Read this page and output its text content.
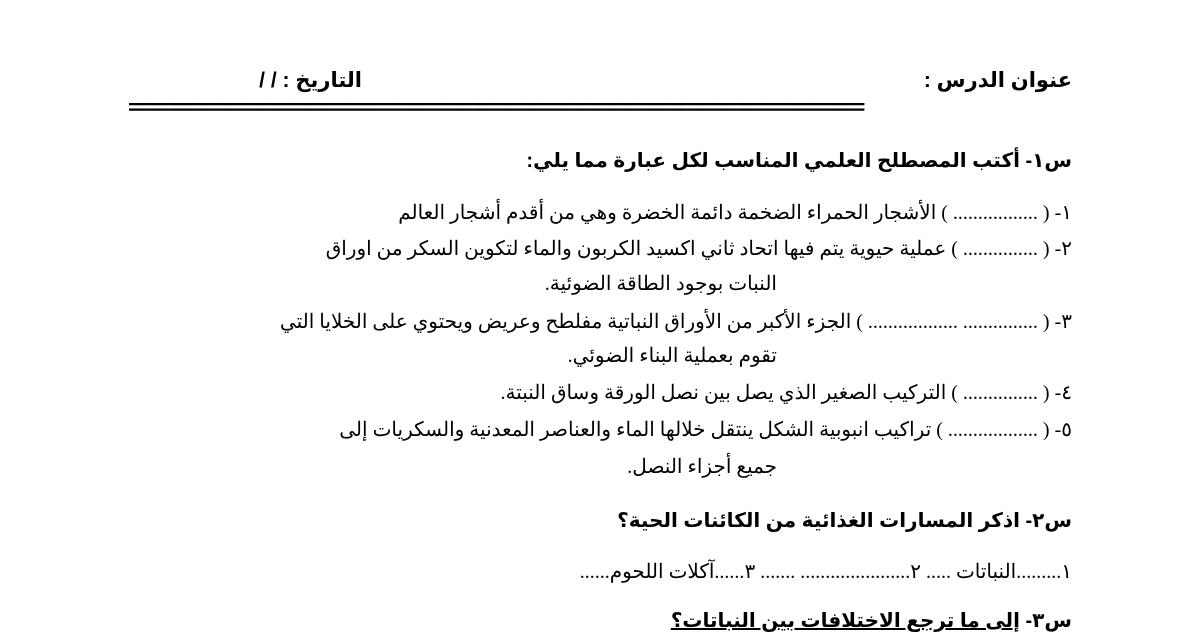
عنوان الدرس :
التاريخ : / /
===========================================================================
س١- أكتب المصطلح العلمي المناسب لكل عبارة مما يلي:
١- ( ................. ) الأشجار الحمراء الضخمة دائمة الخضرة وهي من أقدم أشجار العالم
٢- ( ............... ) عملية حيوية يتم فيها اتحاد ثاني اكسيد الكربون والماء لتكوين السكر من اوراق
النبات بوجود الطاقة الضوئية.
٣- ( ............... .................. ) الجزء الأكبر من الأوراق النباتية مفلطح وعريض ويحتوي على الخلايا التي
تقوم بعملية البناء الضوئي.
٤- ( ............... ) التركيب الصغير الذي يصل بين نصل الورقة وساق النبتة.
٥- ( .................. ) تراكيب انبوبية الشكل ينتقل خلالها الماء والعناصر المعدنية والسكريات إلى
جميع أجزاء النصل.
س٢- اذكر المسارات الغذائية من الكائنات الحية؟
١.........النباتات ..... ٢...................... ....... ٣......آكلات اللحوم......
س٣- إلى ما ترجع الاختلافات بين النباتات؟
